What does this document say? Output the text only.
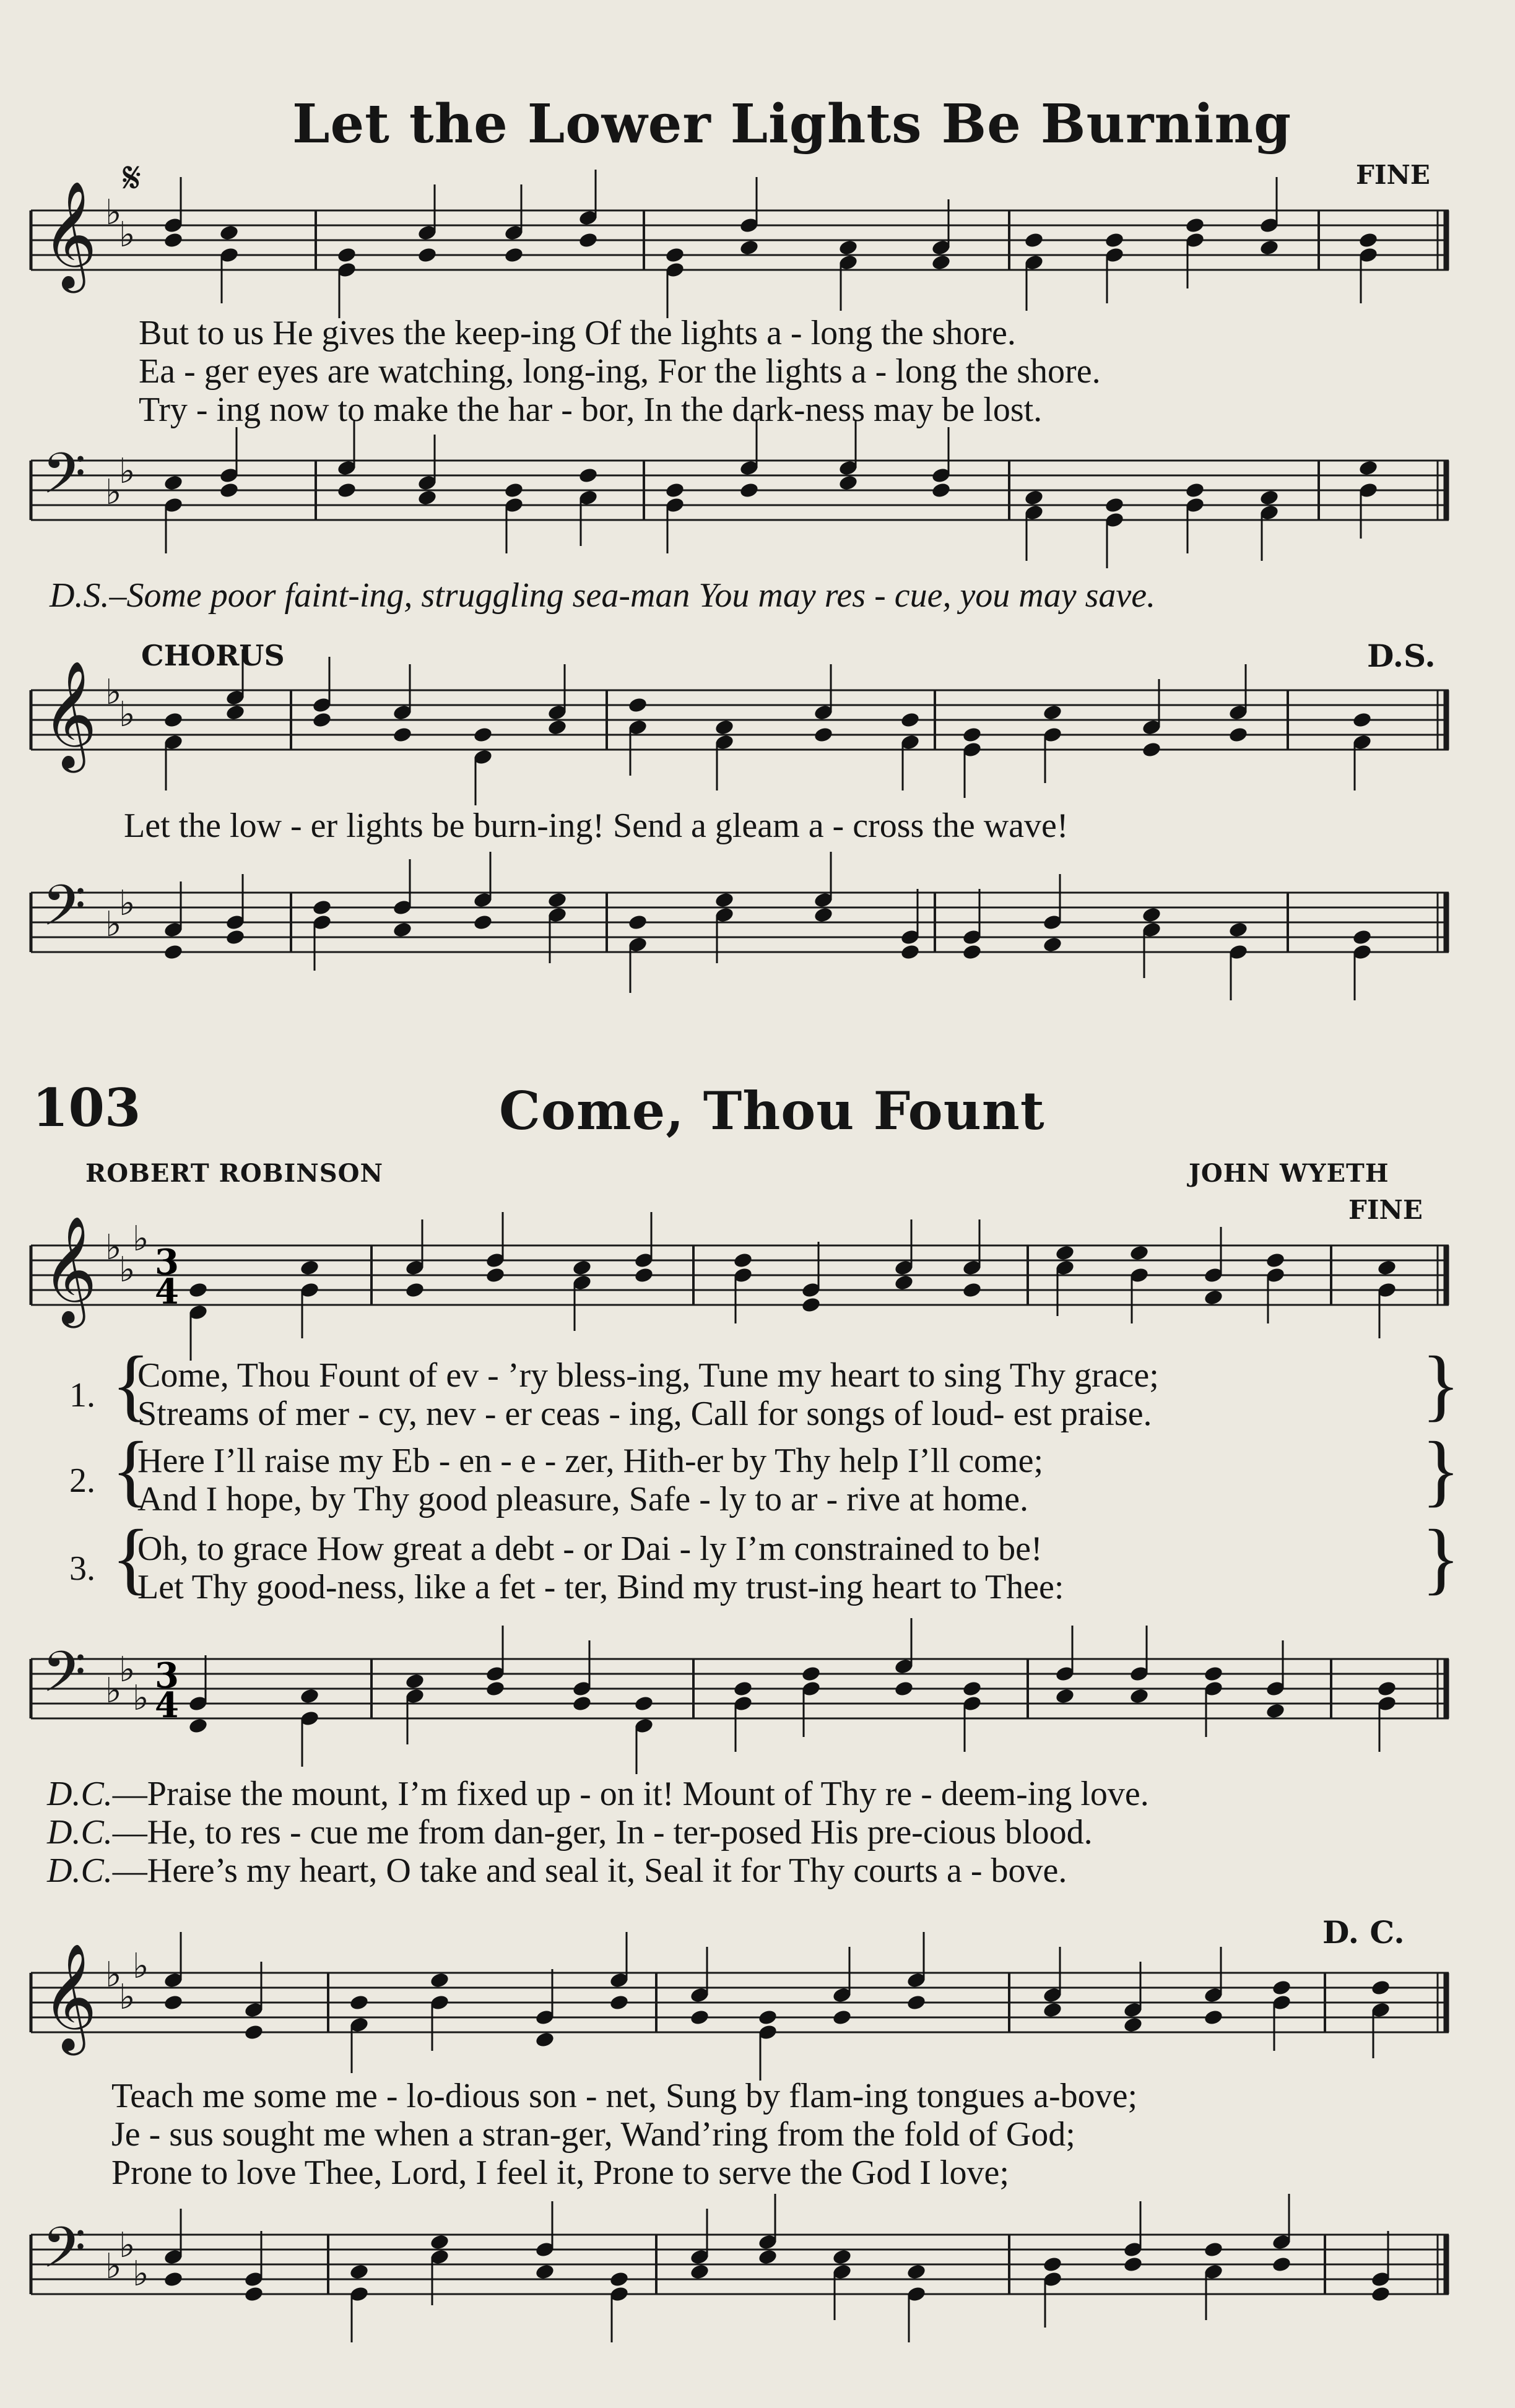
Let the Lower Lights Be Burning
FINE
𝄋
𝄞 ♭
♭
But to us He gives the keep-ing Of the lights a - long the shore.
Ea - ger eyes are watching, long-ing, For the lights a - long the shore.
Try - ing now to make the har - bor, In the dark-ness may be lost.
𝄢 ♭
♭
D.S.–Some poor faint-ing, struggling sea-man You may res - cue, you may save.
CHORUS	D.S.
𝄞 ♭
♭
Let the low - er lights be burn-ing! Send a gleam a - cross the wave!
𝄢 ♭
♭
103	Come, Thou Fount
ROBERT ROBINSON	JOHN WYETH
FINE
𝄞 ♭
♭
♭
3
4
1. {
Come, Thou Fount of ev - ’ry bless-ing, Tune my heart to sing Thy grace;
Streams of mer - cy, nev - er ceas - ing, Call for songs of loud- est praise.	}
2. {
Here I’ll raise my Eb - en - e - zer, Hith-er by Thy help I’ll come;
And I hope, by Thy good pleasure, Safe - ly to ar - rive at home.	}
3. {
Oh, to grace How great a debt - or Dai - ly I’m constrained to be!
Let Thy good-ness, like a fet - ter, Bind my trust-ing heart to Thee:	}
𝄢 ♭
♭
♭
3
4
D.C.—Praise the mount, I’m fixed up - on it! Mount of Thy re - deem-ing love.
D.C.—He, to res - cue me from dan-ger, In - ter-posed His pre-cious blood.
D.C.—Here’s my heart, O take and seal it, Seal it for Thy courts a - bove.
D. C.
𝄞 ♭
♭
♭
Teach me some me - lo-dious son - net, Sung by flam-ing tongues a-bove;
Je - sus sought me when a stran-ger, Wand’ring from the fold of God;
Prone to love Thee, Lord, I feel it, Prone to serve the God I love;
𝄢 ♭
♭
♭
